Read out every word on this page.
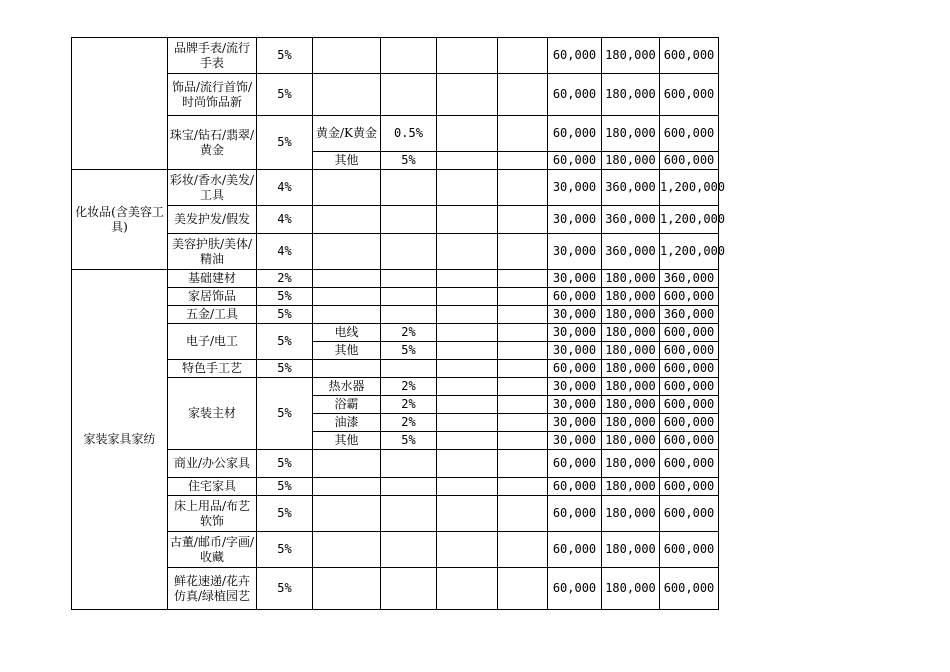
	品牌手表/流行手表	5%					60,000	180,000	600,000
	饰品/流行首饰/时尚饰品新	5%					60,000	180,000	600,000
	珠宝/钻石/翡翠/黄金	5%	黄金/K黄金	0.5%			60,000	180,000	600,000
			其他	5%			60,000	180,000	600,000
化妆品(含美容工具)	彩妆/香水/美发/工具	4%					30,000	360,000	1,200,000
	美发护发/假发	4%					30,000	360,000	1,200,000
	美容护肤/美体/精油	4%					30,000	360,000	1,200,000
家装家具家纺	基础建材	2%					30,000	180,000	360,000
	家居饰品	5%					60,000	180,000	600,000
	五金/工具	5%					30,000	180,000	360,000
	电子/电工	5%	电线	2%			30,000	180,000	600,000
			其他	5%			30,000	180,000	600,000
	特色手工艺	5%					60,000	180,000	600,000
	家装主材	5%	热水器	2%			30,000	180,000	600,000
			浴霸	2%			30,000	180,000	600,000
			油漆	2%			30,000	180,000	600,000
			其他	5%			30,000	180,000	600,000
	商业/办公家具	5%					60,000	180,000	600,000
	住宅家具	5%					60,000	180,000	600,000
	床上用品/布艺软饰	5%					60,000	180,000	600,000
	古董/邮币/字画/收藏	5%					60,000	180,000	600,000
	鲜花速递/花卉仿真/绿植园艺	5%					60,000	180,000	600,000
